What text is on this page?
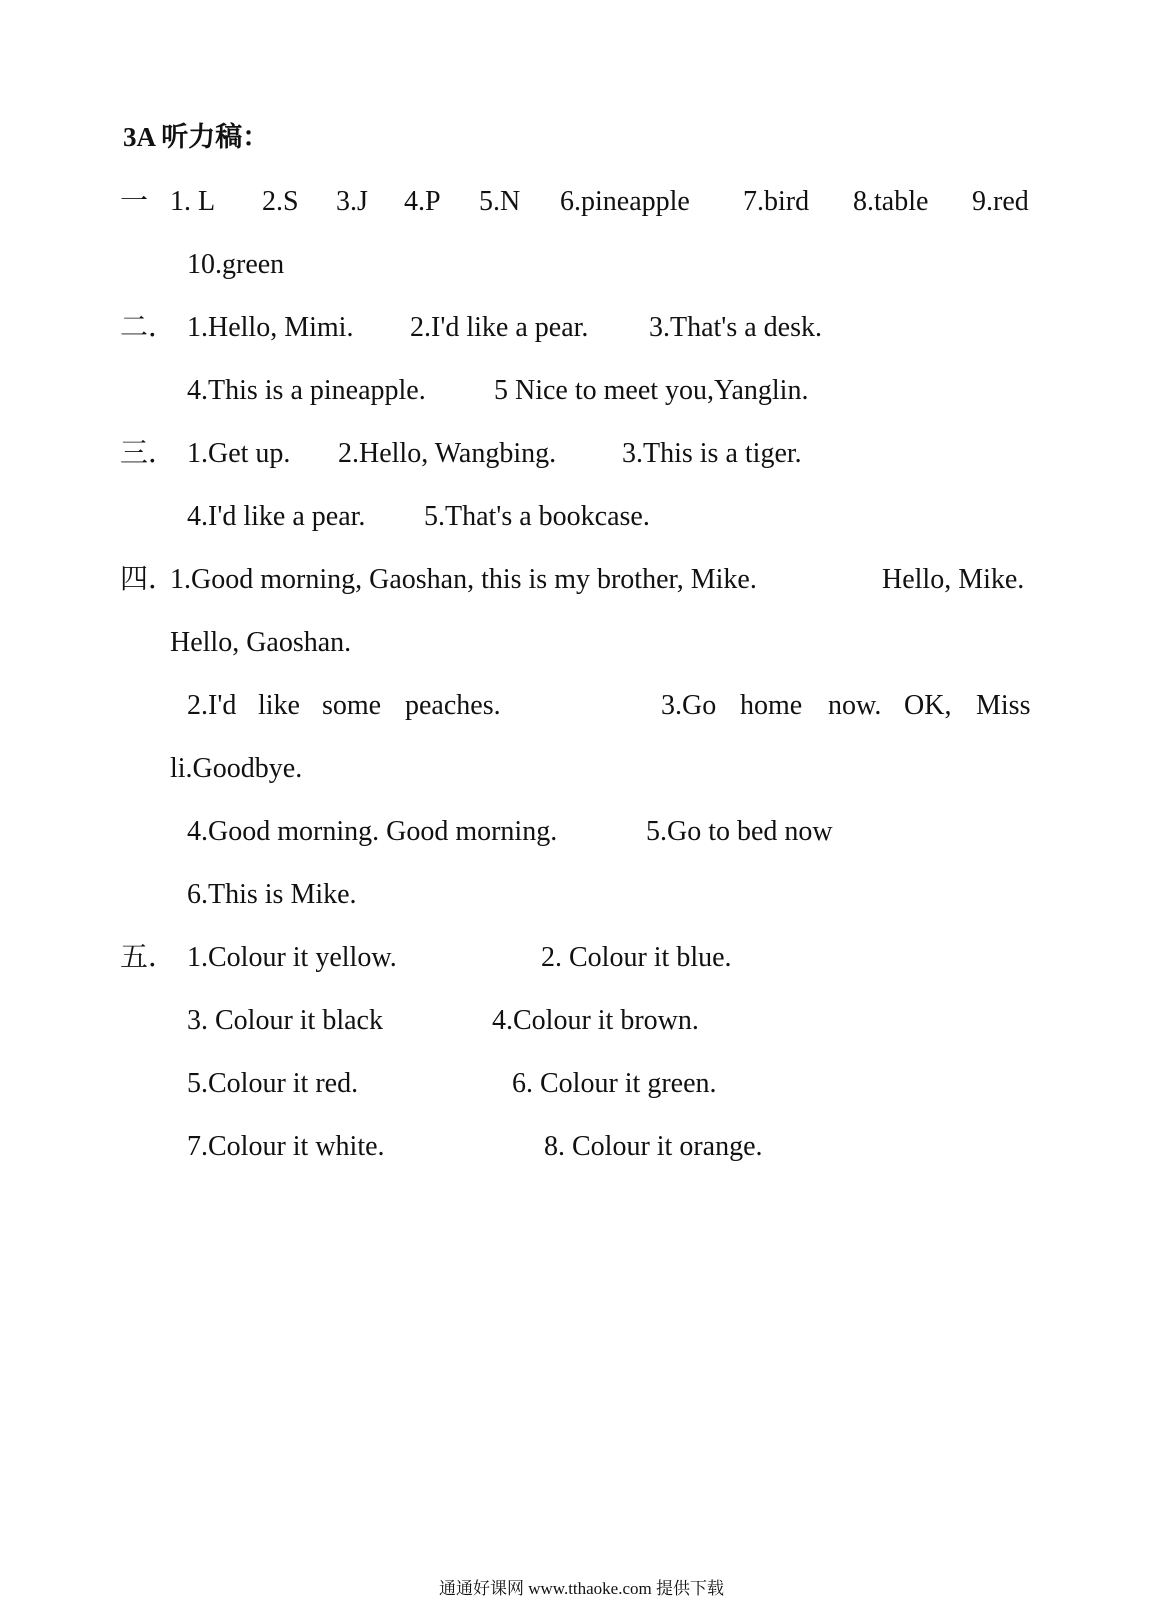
3A 听力稿：
一 1. L 2.S 3.J 4.P 5.N 6.pineapple 7.bird 8.table 9.red
10.green
二． 1.Hello, Mimi. 2.I'd like a pear. 3.That's a desk.
4.This is a pineapple. 5 Nice to meet you,Yanglin.
三． 1.Get up. 2.Hello, Wangbing. 3.This is a tiger.
4.I'd like a pear. 5.That's a bookcase.
四．
1.Good morning, Gaoshan, this is my brother, Mike.	Hello, Mike.
Hello, Gaoshan.
2.I'd like some peaches.	3.Go home now. OK, Miss
li.Goodbye.
4.Good morning. Good morning.	5.Go to bed now
6.This is Mike.
五． 1.Colour it yellow.	2. Colour it blue.
3. Colour it black	4.Colour it brown.
5.Colour it red.	6. Colour it green.
7.Colour it white.	8. Colour it orange.
通通好课网 www.tthaoke.com 提供下载
